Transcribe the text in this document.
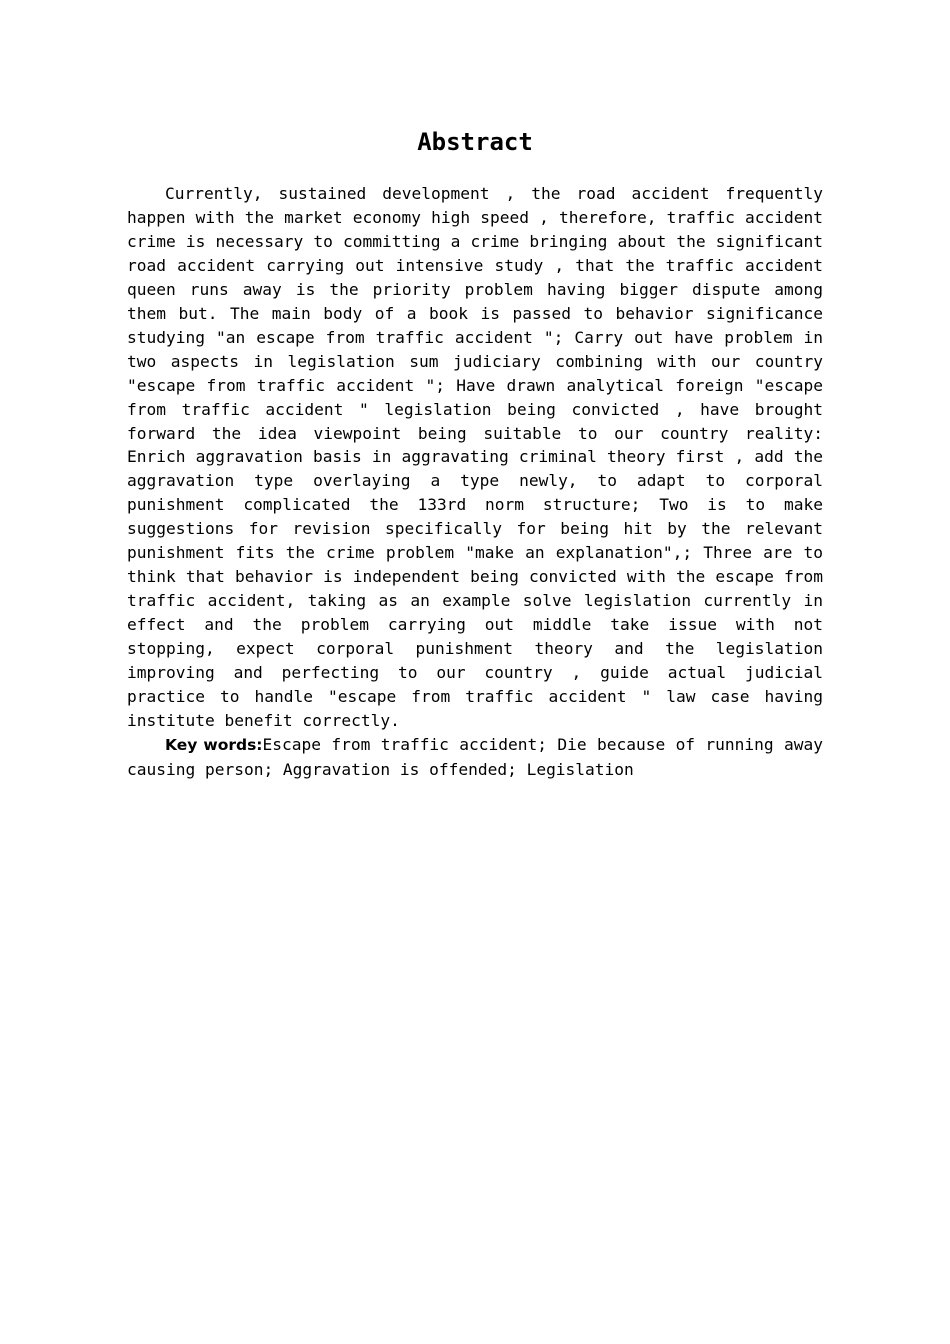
Abstract

Currently, sustained development , the road accident frequently happen with the market economy high speed , therefore, traffic accident crime is necessary to committing a crime bringing about the significant road accident carrying out intensive study , that the traffic accident queen runs away is the priority problem having bigger dispute among them but. The main body of a book is passed to behavior significance studying "an escape from traffic accident "; Carry out have problem in two aspects in legislation sum judiciary combining with our country "escape from traffic accident "; Have drawn analytical foreign "escape from traffic accident " legislation being convicted , have brought forward the idea viewpoint being suitable to our country reality: Enrich aggravation basis in aggravating criminal theory first , add the aggravation type overlaying a type newly, to adapt to corporal punishment complicated the 133rd norm structure; Two is to make suggestions for revision specifically for being hit by the relevant punishment fits the crime problem "make an explanation",; Three are to think that behavior is independent being convicted with the escape from traffic accident, taking as an example solve legislation currently in effect and the problem carrying out middle take issue with not stopping, expect corporal punishment theory and the legislation improving and perfecting to our country , guide actual judicial practice to handle "escape from traffic accident " law case having institute benefit correctly.

Key words:Escape from traffic accident; Die because of running away causing person; Aggravation is offended; Legislation
